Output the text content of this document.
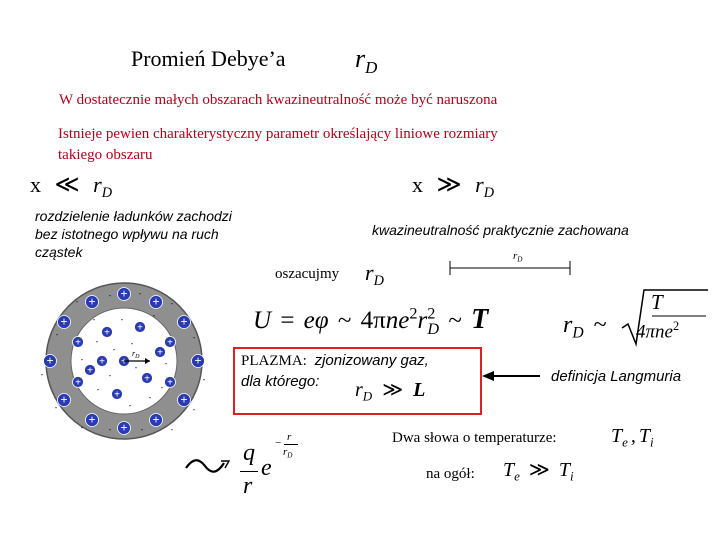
Promień Debye’a	$r_D$
W dostatecznie małych obszarach kwazineutralność może być naruszona
Istnieje pewien charakterystyczny parametr określający liniowe rozmiary
takiego obszaru
x ≪ $r_D$	x ≫ $r_D$
rozdzielenie ładunków zachodzi
bez istotnego wpływu na ruch
cząstek
kwazineutralność praktycznie zachowana
$r_D$
oszacujmy $r_D$
+
+	+
+	+
+	+
+	+
+	+
+
+	+
+	+
+	+
+
+
+
+
+
+
-
-	-
-
-	-
-
-
-	-
-	-
-	-
-	-
-	-
-
-
-
-
-
-
-
-
-
-
$r_D$
U = eφ ~ $4\pi ne^2r^2_D$ ~ T	$r_D$ ~
T
4πne$^2$
PLAZMA: zjonizowany gaz,
dla którego: $r_D$ ≫ L
definicja Langmuria
Dwa słowa o temperaturze:	$T_e$ , $T_i$
na ogół: $T_e$ ≫ $T_i$
q
r
e
− r
$r_D$
